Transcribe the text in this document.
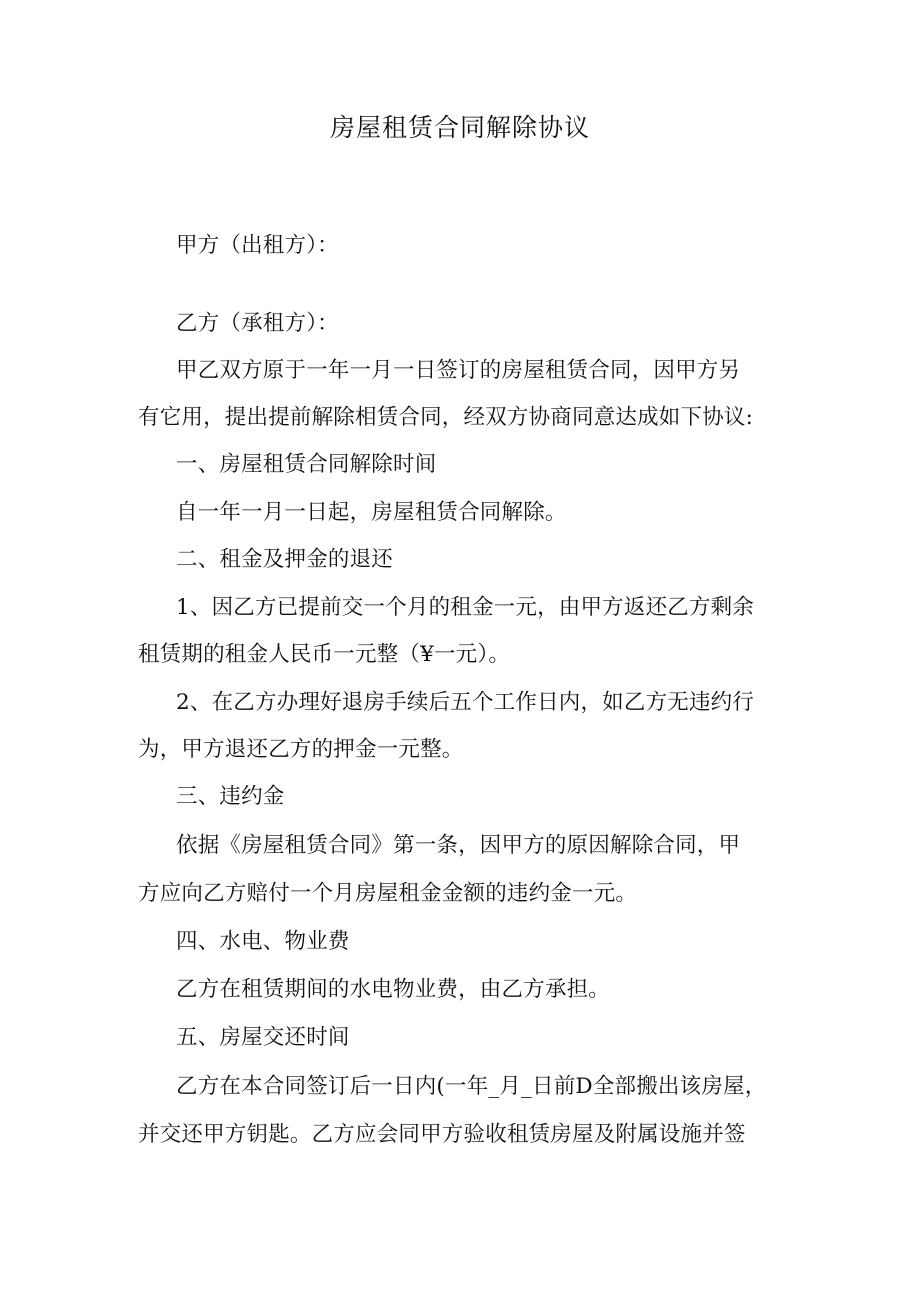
房屋租赁合同解除协议
甲方（出租方）：
乙方（承租方）：
甲乙双方原于一年一月一日签订的房屋租赁合同，因甲方另
有它用，提出提前解除相赁合同，经双方协商同意达成如下协议:
一、房屋租赁合同解除时间
自一年一月一日起，房屋租赁合同解除。
二、租金及押金的退还
1、因乙方已提前交一个月的租金一元，由甲方返还乙方剩余
租赁期的租金人民币一元整（¥一元）。
2、在乙方办理好退房手续后五个工作日内，如乙方无违约行
为，甲方退还乙方的押金一元整。
三、违约金
依据《房屋租赁合同》第一条，因甲方的原因解除合同，甲
方应向乙方赔付一个月房屋租金金额的违约金一元。
四、水电、物业费
乙方在租赁期间的水电物业费，由乙方承担。
五、房屋交还时间
乙方在本合同签订后一日内(一年_月_日前D全部搬出该房屋，
并交还甲方钥匙。乙方应会同甲方验收租赁房屋及附属设施并签
